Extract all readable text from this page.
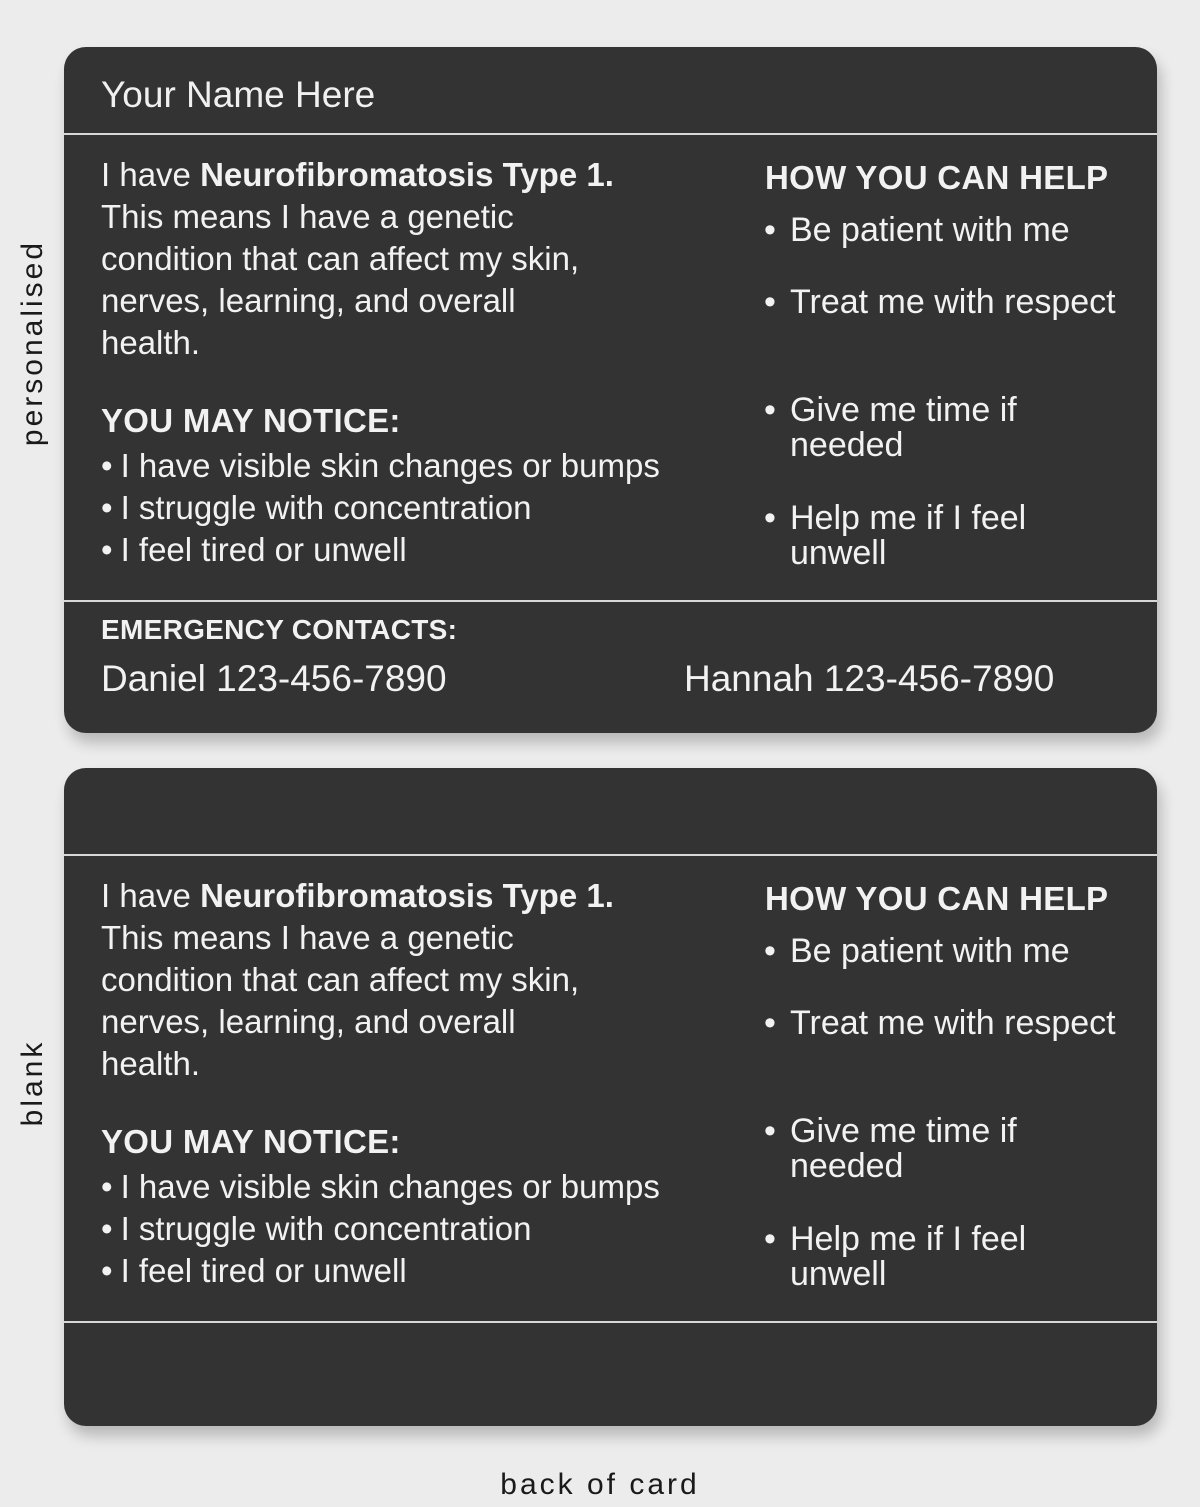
personalised
blank
Your Name Here

I have Neurofibromatosis Type 1. This means I have a genetic condition that can affect my skin, nerves, learning, and overall health.

YOU MAY NOTICE:
• I have visible skin changes or bumps
• I struggle with concentration
• I feel tired or unwell
HOW YOU CAN HELP
• Be patient with me
• Treat me with respect
• Give me time if needed
• Help me if I feel unwell
EMERGENCY CONTACTS:
Daniel 123-456-7890	Hannah 123-456-7890

I have Neurofibromatosis Type 1. This means I have a genetic condition that can affect my skin, nerves, learning, and overall health.

YOU MAY NOTICE:
• I have visible skin changes or bumps
• I struggle with concentration
• I feel tired or unwell
HOW YOU CAN HELP
• Be patient with me
• Treat me with respect
• Give me time if needed
• Help me if I feel unwell
back of card
